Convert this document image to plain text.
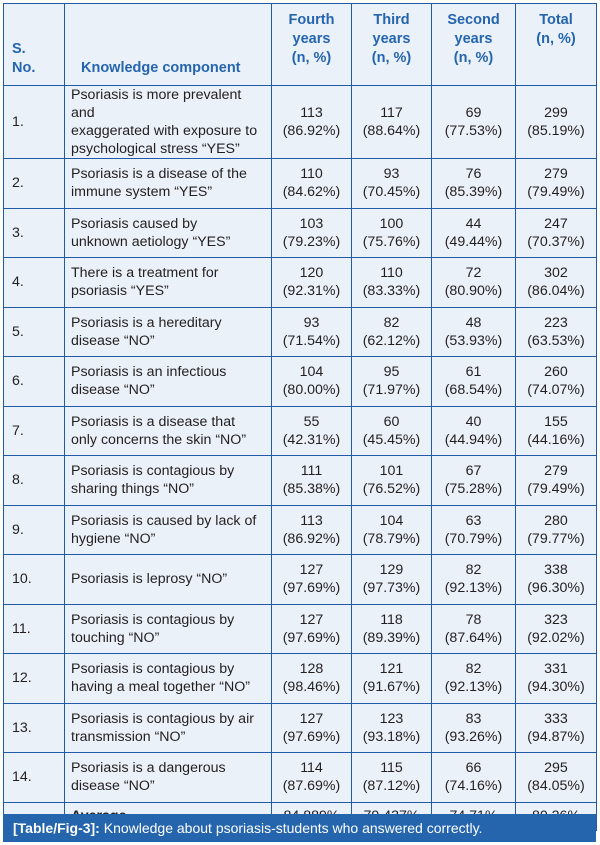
S.
No.	Knowledge component	Fourth
years
(n, %)	Third
years
(n, %)	Second
years
(n, %)	Total
(n, %)
1.	Psoriasis is more prevalent and
exaggerated with exposure to
psychological stress “YES”	113
(86.92%)	117
(88.64%)	69
(77.53%)	299
(85.19%)

2.	Psoriasis is a disease of the
immune system “YES”	110
(84.62%)	93
(70.45%)	76
(85.39%)	279
(79.49%)

3.	Psoriasis caused by
unknown aetiology “YES”	103
(79.23%)	100
(75.76%)	44
(49.44%)	247
(70.37%)

4.	There is a treatment for
psoriasis “YES”	120
(92.31%)	110
(83.33%)	72
(80.90%)	302
(86.04%)

5.	Psoriasis is a hereditary
disease “NO”	93
(71.54%)	82
(62.12%)	48
(53.93%)	223
(63.53%)

6.	Psoriasis is an infectious
disease “NO”	104
(80.00%)	95
(71.97%)	61
(68.54%)	260
(74.07%)

7.	Psoriasis is a disease that
only concerns the skin “NO”	55
(42.31%)	60
(45.45%)	40
(44.94%)	155
(44.16%)

8.	Psoriasis is contagious by
sharing things “NO”	111
(85.38%)	101
(76.52%)	67
(75.28%)	279
(79.49%)

9.	Psoriasis is caused by lack of
hygiene “NO”	113
(86.92%)	104
(78.79%)	63
(70.79%)	280
(79.77%)

10.	Psoriasis is leprosy “NO”	127
(97.69%)	129
(97.73%)	82
(92.13%)	338
(96.30%)

11.	Psoriasis is contagious by
touching “NO”	127
(97.69%)	118
(89.39%)	78
(87.64%)	323
(92.02%)

12.	Psoriasis is contagious by
having a meal together “NO”	128
(98.46%)	121
(91.67%)	82
(92.13%)	331
(94.30%)

13.	Psoriasis is contagious by air
transmission “NO”	127
(97.69%)	123
(93.18%)	83
(93.26%)	333
(94.87%)

14.	Psoriasis is a dangerous
disease “NO”	114
(87.69%)	115
(87.12%)	66
(74.16%)	295
(84.05%)

[Table/Fig-3]: Knowledge about psoriasis-students who answered correctly.
